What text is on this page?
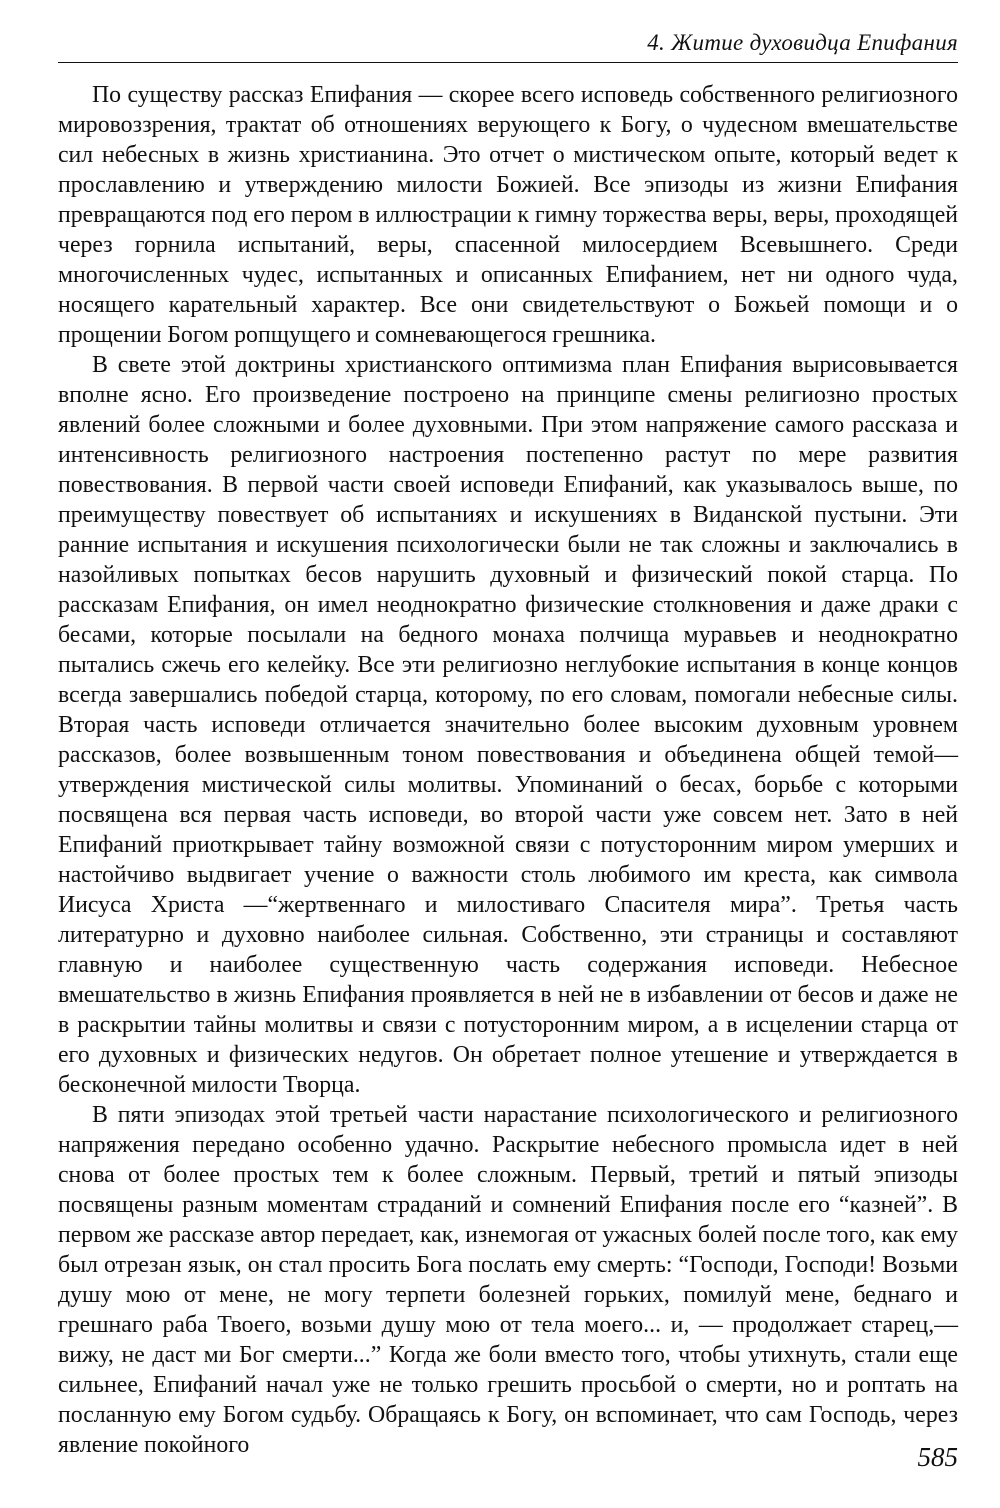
4. Житие духовидца Епифания

По существу рассказ Епифания — скорее всего исповедь собственного религиозного мировоззрения, трактат об отношениях верующего к Богу, о чудесном вмешательстве сил небесных в жизнь христианина. Это отчет о мистическом опыте, который ведет к прославлению и утверждению милости Божией. Все эпизоды из жизни Епифания превращаются под его пером в иллюстрации к гимну торжества веры, веры, проходящей через горнила испытаний, веры, спасенной милосердием Всевышнего. Среди многочисленных чудес, испытанных и описанных Епифанием, нет ни одного чуда, носящего карательный характер. Все они свидетельствуют о Божьей помощи и о прощении Богом ропщущего и сомневающегося грешника.

В свете этой доктрины христианского оптимизма план Епифания вырисовывается вполне ясно. Его произведение построено на принципе смены религиозно простых явлений более сложными и более духовными. При этом напряжение самого рассказа и интенсивность религиозного настроения постепенно растут по мере развития повествования. В первой части своей исповеди Епифаний, как указывалось выше, по преимуществу повествует об испытаниях и искушениях в Виданской пустыни. Эти ранние испытания и искушения психологически были не так сложны и заключались в назойливых попытках бесов нарушить духовный и физический покой старца. По рассказам Епифания, он имел неоднократно физические столкновения и даже драки с бесами, которые посылали на бедного монаха полчища муравьев и неоднократно пытались сжечь его келейку. Все эти религиозно неглубокие испытания в конце концов всегда завершались победой старца, которому, по его словам, помогали небесные силы. Вторая часть исповеди отличается значительно более высоким духовным уровнем рассказов, более возвышенным тоном повествования и объединена общей темой—утверждения мистической силы молитвы. Упоминаний о бесах, борьбе с которыми посвящена вся первая часть исповеди, во второй части уже совсем нет. Зато в ней Епифаний приоткрывает тайну возможной связи с потусторонним миром умерших и настойчиво выдвигает учение о важности столь любимого им креста, как символа Иисуса Христа —“жертвеннаго и милостиваго Спасителя мира”. Третья часть литературно и духовно наиболее сильная. Собственно, эти страницы и составляют главную и наиболее существенную часть содержания исповеди. Небесное вмешательство в жизнь Епифания проявляется в ней не в избавлении от бесов и даже не в раскрытии тайны молитвы и связи с потусторонним миром, а в исцелении старца от его духовных и физических недугов. Он обретает полное утешение и утверждается в бесконечной милости Творца.

В пяти эпизодах этой третьей части нарастание психологического и религиозного напряжения передано особенно удачно. Раскрытие небесного промысла идет в ней снова от более простых тем к более сложным. Первый, третий и пятый эпизоды посвящены разным моментам страданий и сомнений Епифания после его “казней”. В первом же рассказе автор передает, как, изнемогая от ужасных болей после того, как ему был отрезан язык, он стал просить Бога послать ему смерть: “Господи, Господи! Возьми душу мою от мене, не могу терпети болезней горьких, помилуй мене, беднаго и грешнаго раба Твоего, возьми душу мою от тела моего... и, — продолжает старец,— вижу, не даст ми Бог смерти...” Когда же боли вместо того, чтобы утихнуть, стали еще сильнее, Епифаний начал уже не только грешить просьбой о смерти, но и роптать на посланную ему Богом судьбу. Обращаясь к Богу, он вспоминает, что сам Господь, через явление покойного	585
